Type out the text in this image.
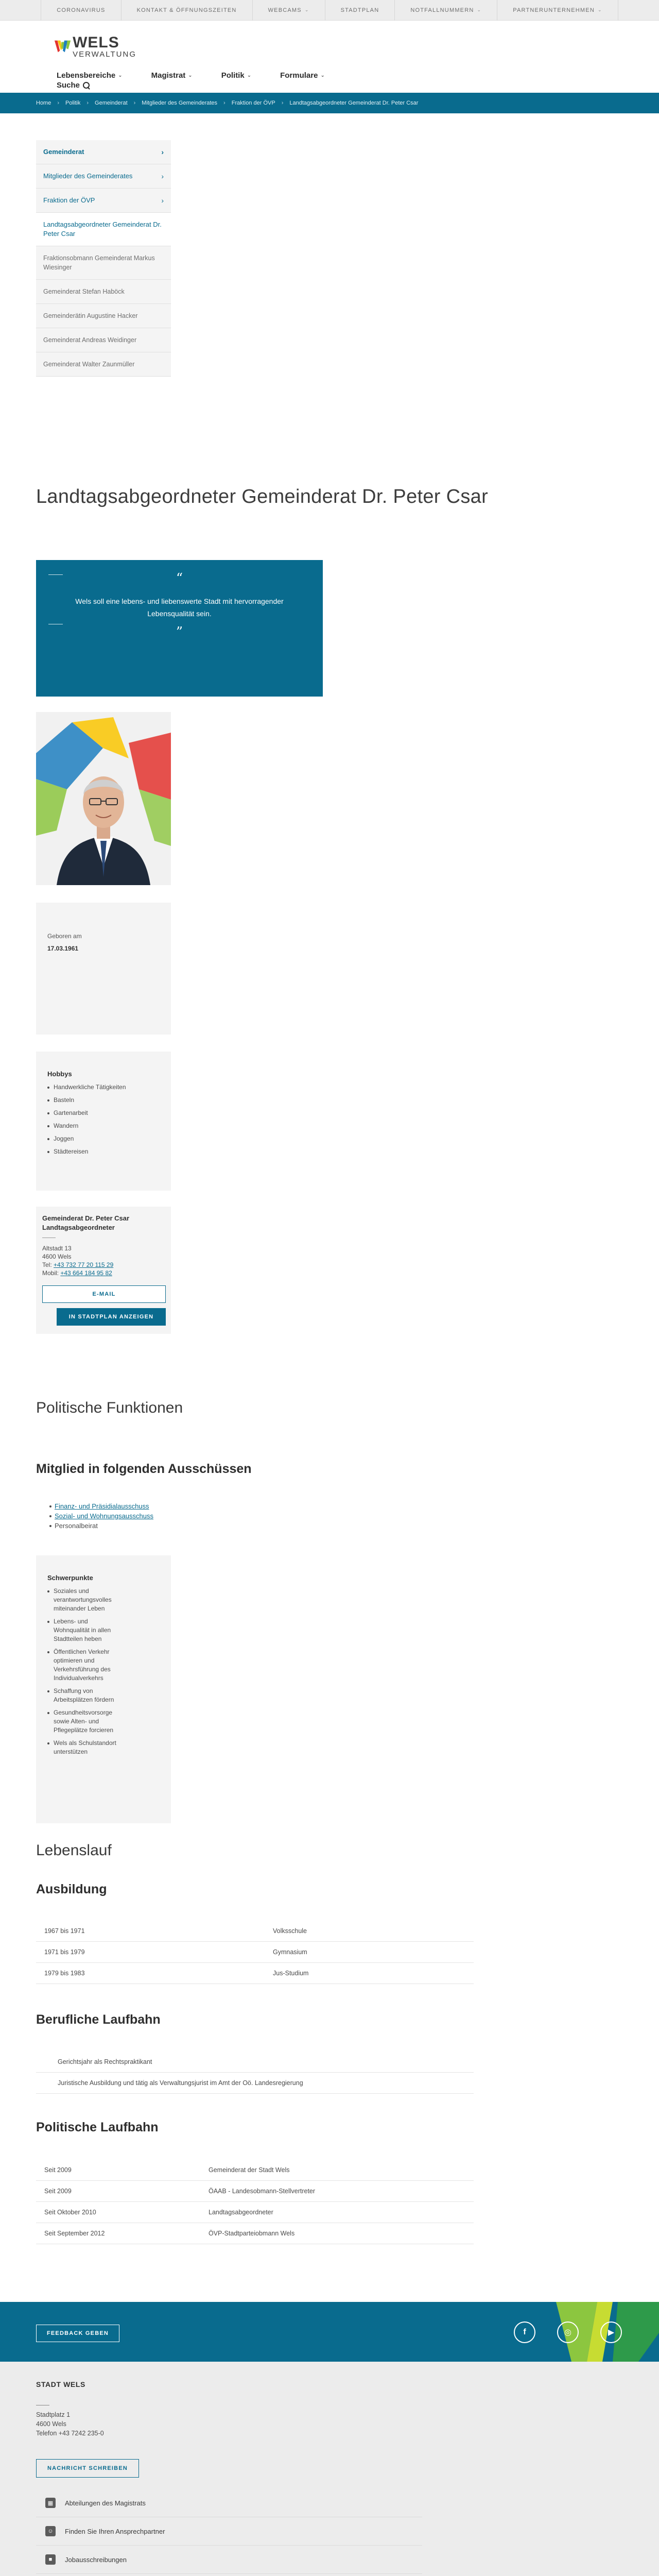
CORONAVIRUS	KONTAKT & ÖFFNUNGSZEITEN	WEBCAMS ⌄	STADTPLAN	NOTFALLNUMMERN ⌄	PARTNERUNTERNEHMEN ⌄
WELS
VERWALTUNG
Lebensbereiche ⌄	Magistrat ⌄	Politik ⌄	Formulare ⌄
Suche
Home › Politik › Gemeinderat › Mitglieder des Gemeinderates › Fraktion der ÖVP › Landtagsabgeordneter Gemeinderat Dr. Peter Csar
Gemeinderat	›
Mitglieder des Gemeinderates	›
Fraktion der ÖVP	›
Landtagsabgeordneter Gemeinderat Dr. Peter Csar
Fraktionsobmann Gemeinderat Markus Wiesinger
Gemeinderat Stefan Haböck
Gemeinderätin Augustine Hacker
Gemeinderat Andreas Weidinger
Gemeinderat Walter Zaunmüller
Landtagsabgeordneter Gemeinderat Dr. Peter Csar
“
Wels soll eine lebens- und liebenswerte Stadt mit hervorragender Lebensqualität sein.
”
Geboren am
17.03.1961
Hobbys
Handwerkliche Tätigkeiten
Basteln
Gartenarbeit
Wandern
Joggen
Städtereisen
Gemeinderat Dr. Peter Csar
Landtagsabgeordneter
Altstadt 13
4600 Wels
Tel: +43 732 77 20 115 29
Mobil: +43 664 184 95 82
E-MAIL
IN STADTPLAN ANZEIGEN
Politische Funktionen
Mitglied in folgenden Ausschüssen
Finanz- und Präsidialausschuss
Sozial- und Wohnungsausschuss
Personalbeirat
Schwerpunkte
Soziales und verantwortungsvolles miteinander Leben
Lebens- und Wohnqualität in allen Stadtteilen heben
Öffentlichen Verkehr optimieren und Verkehrsführung des Individualverkehrs
Schaffung von Arbeitsplätzen fördern
Gesundheitsvorsorge sowie Alten- und Pflegeplätze forcieren
Wels als Schulstandort unterstützen
Lebenslauf
Ausbildung
1967 bis 1971	Volksschule
1971 bis 1979	Gymnasium
1979 bis 1983	Jus-Studium
Berufliche Laufbahn
Gerichtsjahr als Rechtspraktikant
Juristische Ausbildung und tätig als Verwaltungsjurist im Amt der Oö. Landesregierung
Politische Laufbahn
Seit 2009	Gemeinderat der Stadt Wels
Seit 2009	ÖAAB - Landesobmann-Stellvertreter
Seit Oktober 2010	Landtagsabgeordneter
Seit September 2012	ÖVP-Stadtparteiobmann Wels
FEEDBACK GEBEN	f	◎	▶
STADT WELS
Stadtplatz 1
4600 Wels
Telefon +43 7242 235-0
NACHRICHT SCHREIBEN
▦	Abteilungen des Magistrats
☺	Finden Sie Ihren Ansprechpartner
■	Jobausschreibungen
